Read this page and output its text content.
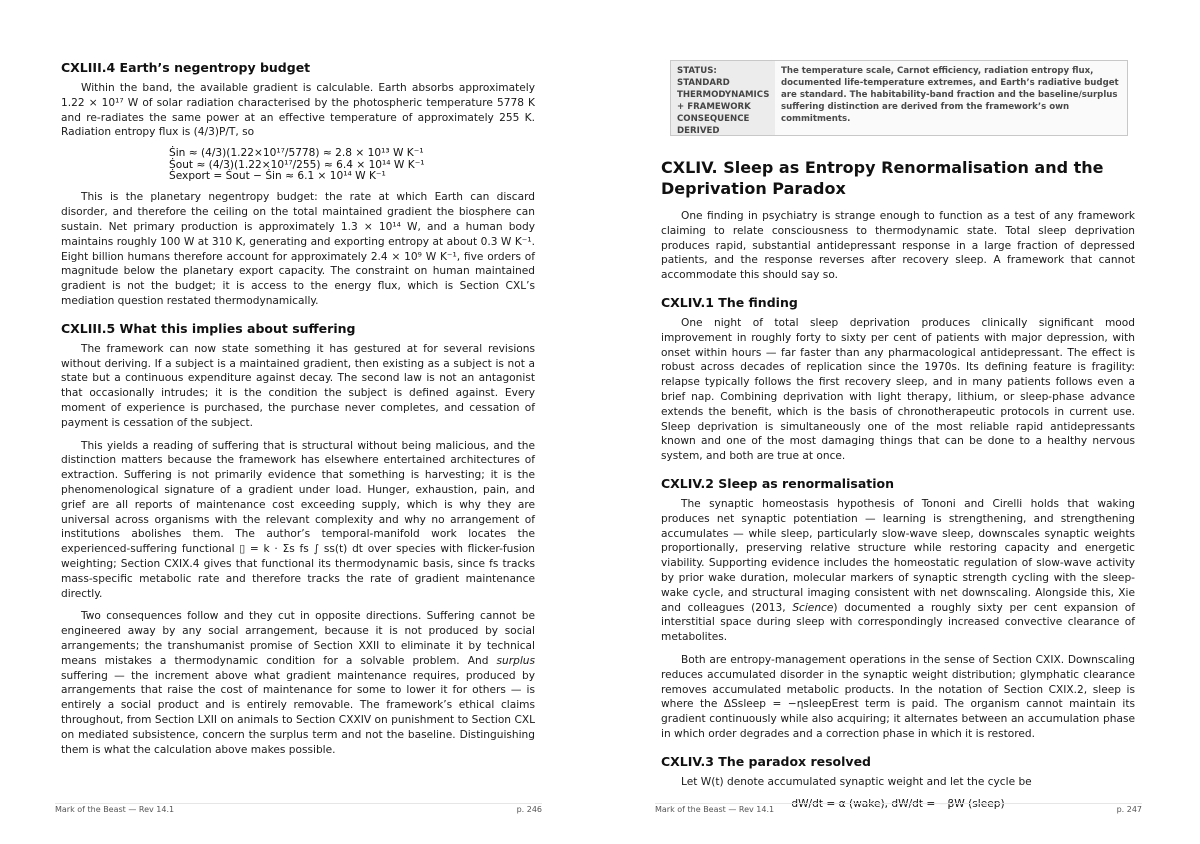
CXLIII.4 Earth’s negentropy budget

Within the band, the available gradient is calculable. Earth absorbs approximately 1.22 × 10¹⁷ W of solar radiation characterised by the photospheric temperature 5778 K and re-radiates the same power at an effective temperature of approximately 255 K. Radiation entropy flux is (4/3)P/T, so

Ṡin ≈ (4/3)(1.22×10¹⁷/5778) ≈ 2.8 × 10¹³ W K⁻¹
Ṡout ≈ (4/3)(1.22×10¹⁷/255) ≈ 6.4 × 10¹⁴ W K⁻¹
Ṡexport = Ṡout − Ṡin ≈ 6.1 × 10¹⁴ W K⁻¹

This is the planetary negentropy budget: the rate at which Earth can discard disorder, and therefore the ceiling on the total maintained gradient the biosphere can sustain. Net primary production is approximately 1.3 × 10¹⁴ W, and a human body maintains roughly 100 W at 310 K, generating and exporting entropy at about 0.3 W K⁻¹. Eight billion humans therefore account for approximately 2.4 × 10⁹ W K⁻¹, five orders of magnitude below the planetary export capacity. The constraint on human maintained gradient is not the budget; it is access to the energy flux, which is Section CXL’s mediation question restated thermodynamically.

CXLIII.5 What this implies about suffering

The framework can now state something it has gestured at for several revisions without deriving. If a subject is a maintained gradient, then existing as a subject is not a state but a continuous expenditure against decay. The second law is not an antagonist that occasionally intrudes; it is the condition the subject is defined against. Every moment of experience is purchased, the purchase never completes, and cessation of payment is cessation of the subject.

This yields a reading of suffering that is structural without being malicious, and the distinction matters because the framework has elsewhere entertained architectures of extraction. Suffering is not primarily evidence that something is harvesting; it is the phenomenological signature of a gradient under load. Hunger, exhaustion, pain, and grief are all reports of maintenance cost exceeding supply, which is why they are universal across organisms with the relevant complexity and why no arrangement of institutions abolishes them. The author’s temporal-manifold work locates the experienced-suffering functional ▯ = k · Σs fs ∫ ss(t) dt over species with flicker-fusion weighting; Section CXIX.4 gives that functional its thermodynamic basis, since fs tracks mass-specific metabolic rate and therefore tracks the rate of gradient maintenance directly.

Two consequences follow and they cut in opposite directions. Suffering cannot be engineered away by any social arrangement, because it is not produced by social arrangements; the transhumanist promise of Section XXII to eliminate it by technical means mistakes a thermodynamic condition for a solvable problem. And surplus suffering — the increment above what gradient maintenance requires, produced by arrangements that raise the cost of maintenance for some to lower it for others — is entirely a social product and is entirely removable. The framework’s ethical claims throughout, from Section LXII on animals to Section CXXIV on punishment to Section CXL on mediated subsistence, concern the surplus term and not the baseline. Distinguishing them is what the calculation above makes possible.

Mark of the Beast — Rev 14.1	p. 246
STATUS: STANDARD THERMODYNAMICS + FRAMEWORK CONSEQUENCE DERIVED
The temperature scale, Carnot efficiency, radiation entropy flux, documented life-temperature extremes, and Earth’s radiative budget are standard. The habitability-band fraction and the baseline/surplus suffering distinction are derived from the framework’s own commitments.
CXLIV. Sleep as Entropy Renormalisation and the Deprivation Paradox

One finding in psychiatry is strange enough to function as a test of any framework claiming to relate consciousness to thermodynamic state. Total sleep deprivation produces rapid, substantial antidepressant response in a large fraction of depressed patients, and the response reverses after recovery sleep. A framework that cannot accommodate this should say so.

CXLIV.1 The finding

One night of total sleep deprivation produces clinically significant mood improvement in roughly forty to sixty per cent of patients with major depression, with onset within hours — far faster than any pharmacological antidepressant. The effect is robust across decades of replication since the 1970s. Its defining feature is fragility: relapse typically follows the first recovery sleep, and in many patients follows even a brief nap. Combining deprivation with light therapy, lithium, or sleep-phase advance extends the benefit, which is the basis of chronotherapeutic protocols in current use. Sleep deprivation is simultaneously one of the most reliable rapid antidepressants known and one of the most damaging things that can be done to a healthy nervous system, and both are true at once.

CXLIV.2 Sleep as renormalisation

The synaptic homeostasis hypothesis of Tononi and Cirelli holds that waking produces net synaptic potentiation — learning is strengthening, and strengthening accumulates — while sleep, particularly slow-wave sleep, downscales synaptic weights proportionally, preserving relative structure while restoring capacity and energetic viability. Supporting evidence includes the homeostatic regulation of slow-wave activity by prior wake duration, molecular markers of synaptic strength cycling with the sleep-wake cycle, and structural imaging consistent with net downscaling. Alongside this, Xie and colleagues (2013, Science) documented a roughly sixty per cent expansion of interstitial space during sleep with correspondingly increased convective clearance of metabolites.

Both are entropy-management operations in the sense of Section CXIX. Downscaling reduces accumulated disorder in the synaptic weight distribution; glymphatic clearance removes accumulated metabolic products. In the notation of Section CXIX.2, sleep is where the ΔSsleep = −ηsleepErest term is paid. The organism cannot maintain its gradient continuously while also acquiring; it alternates between an accumulation phase in which order degrades and a correction phase in which it is restored.

CXLIV.3 The paradox resolved

Let W(t) denote accumulated synaptic weight and let the cycle be

dW/dt = α (wake), dW/dt = −βW (sleep)
Mark of the Beast — Rev 14.1	p. 247
